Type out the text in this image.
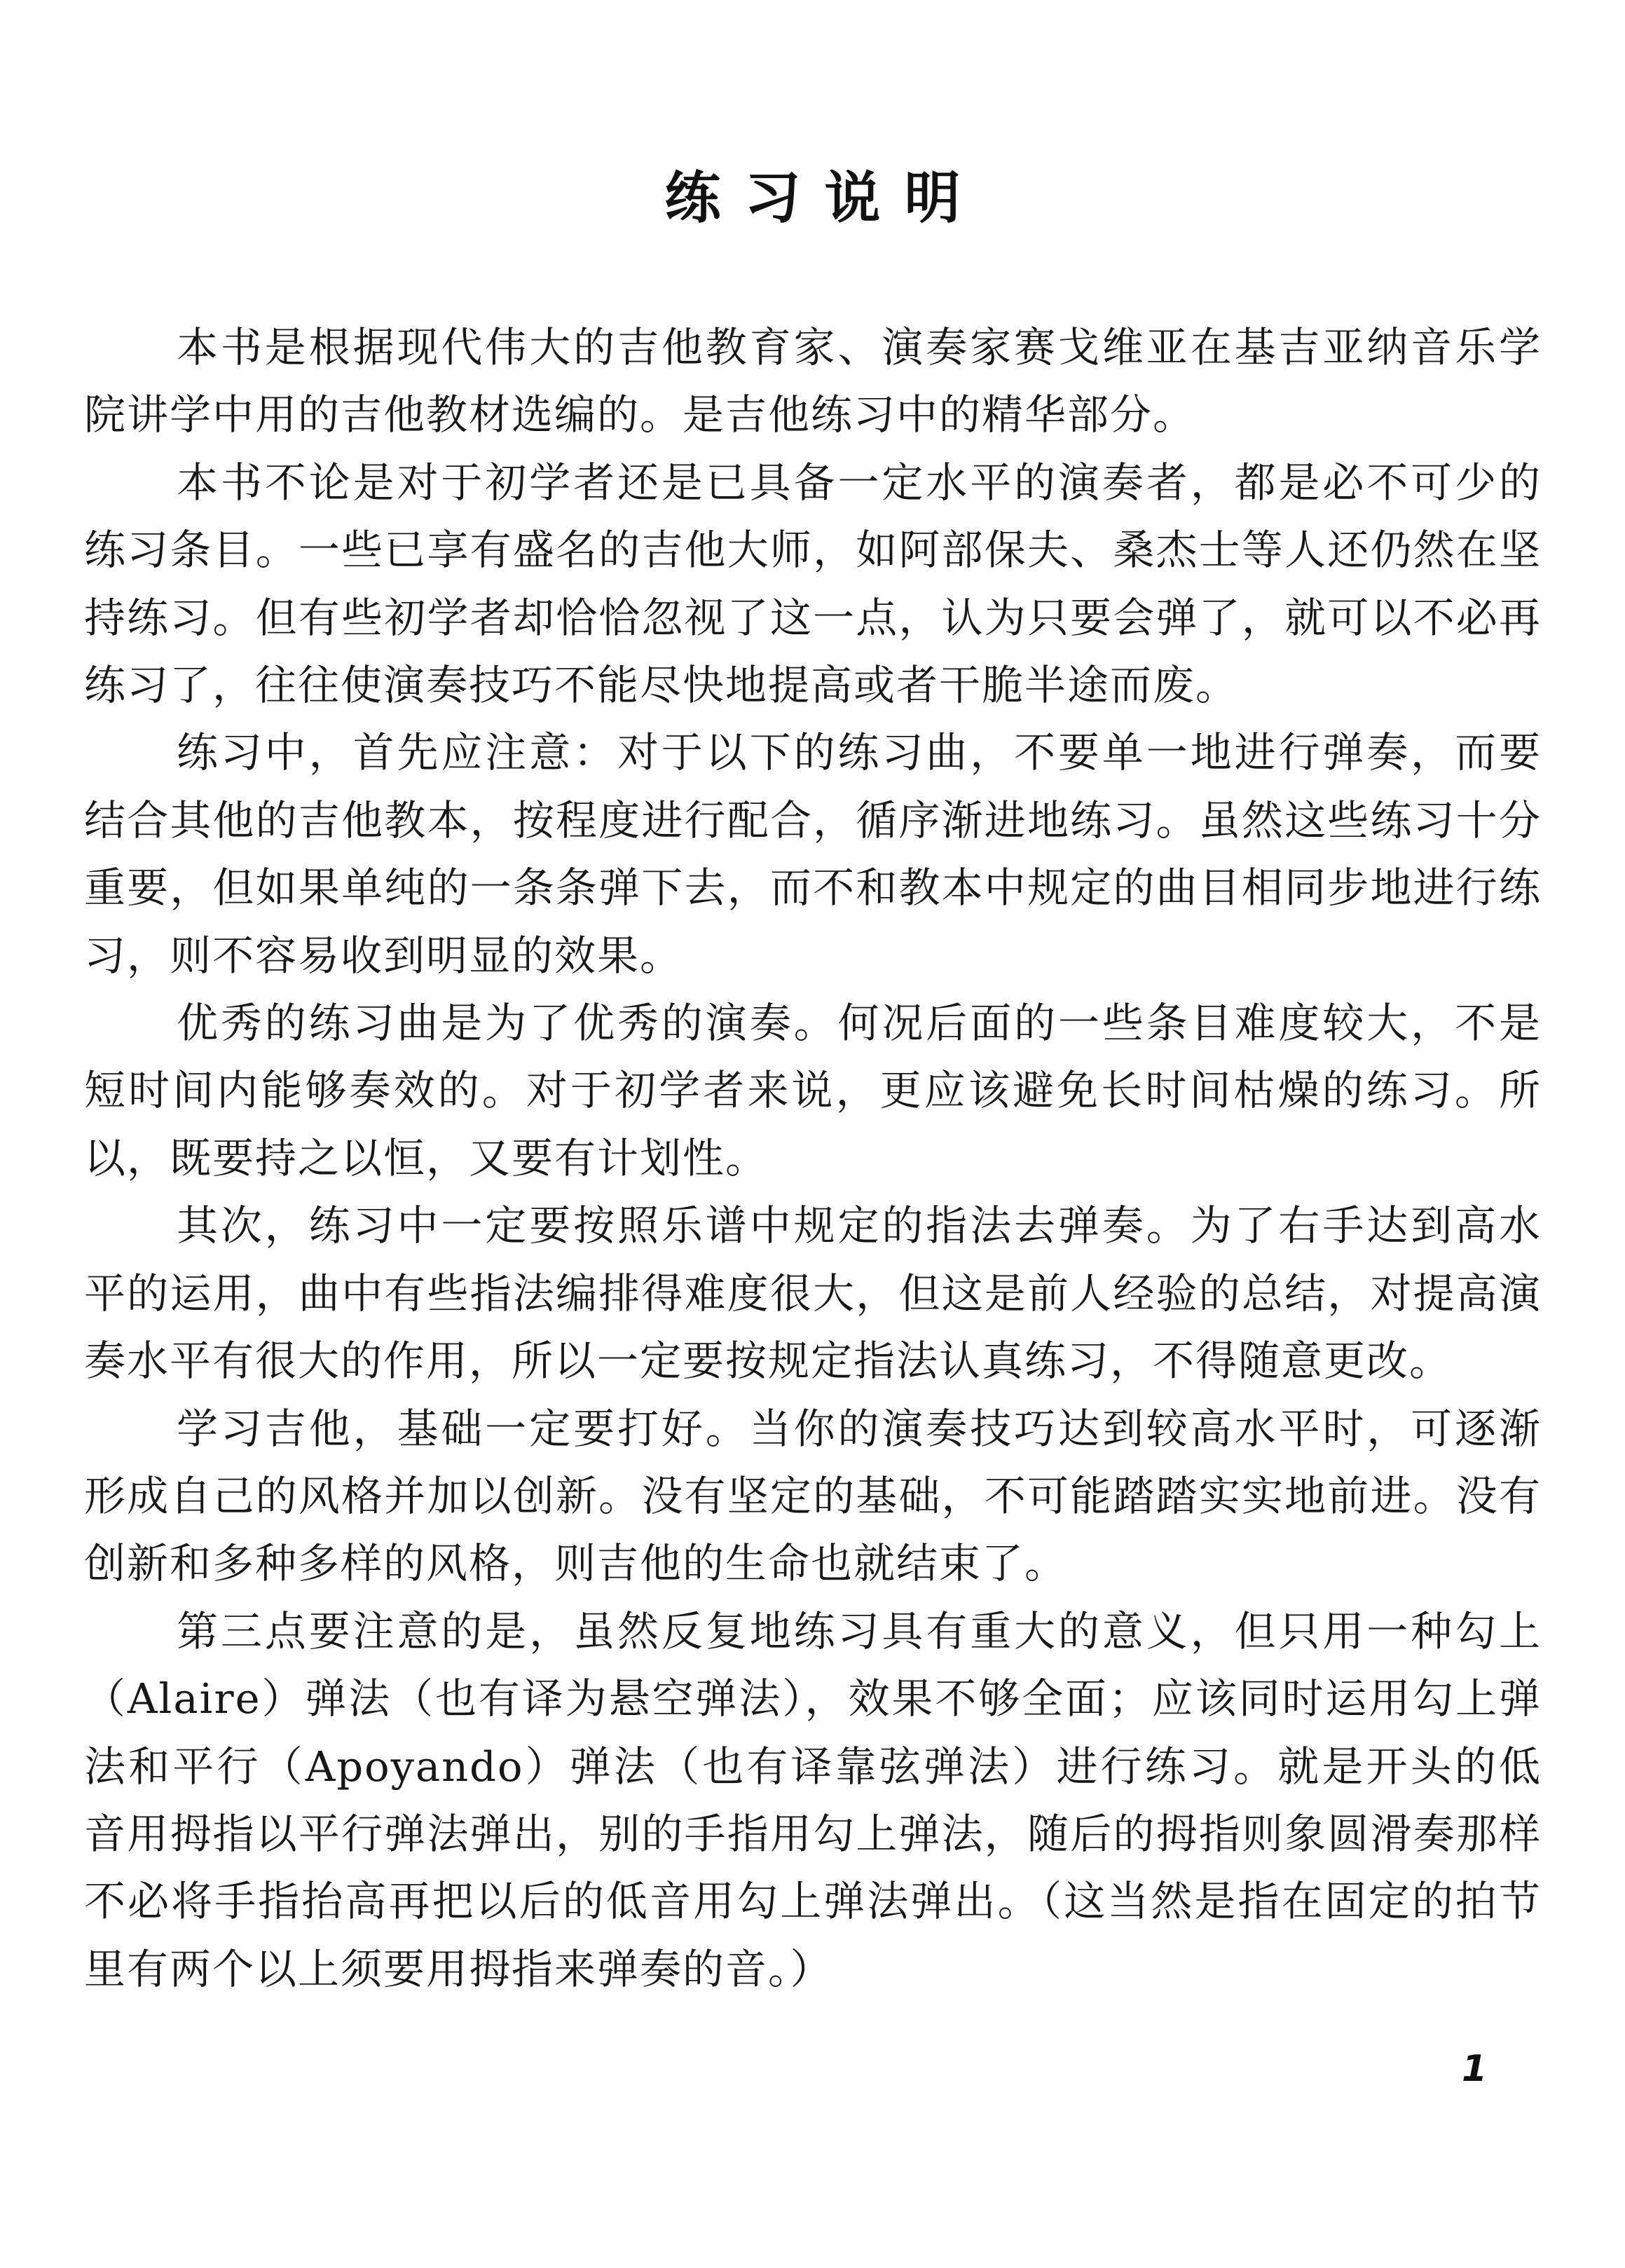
练习说明

本书是根据现代伟大的吉他教育家、演奏家赛戈维亚在基吉亚纳音乐学院讲学中用的吉他教材选编的。是吉他练习中的精华部分。

本书不论是对于初学者还是已具备一定水平的演奏者，都是必不可少的练习条目。一些已享有盛名的吉他大师，如阿部保夫、桑杰士等人还仍然在坚持练习。但有些初学者却恰恰忽视了这一点，认为只要会弹了，就可以不必再练习了，往往使演奏技巧不能尽快地提高或者干脆半途而废。

练习中，首先应注意：对于以下的练习曲，不要单一地进行弹奏，而要结合其他的吉他教本，按程度进行配合，循序渐进地练习。虽然这些练习十分重要，但如果单纯的一条条弹下去，而不和教本中规定的曲目相同步地进行练习，则不容易收到明显的效果。

优秀的练习曲是为了优秀的演奏。何况后面的一些条目难度较大，不是短时间内能够奏效的。对于初学者来说，更应该避免长时间枯燥的练习。所以，既要持之以恒，又要有计划性。

其次，练习中一定要按照乐谱中规定的指法去弹奏。为了右手达到高水平的运用，曲中有些指法编排得难度很大，但这是前人经验的总结，对提高演奏水平有很大的作用，所以一定要按规定指法认真练习，不得随意更改。

学习吉他，基础一定要打好。当你的演奏技巧达到较高水平时，可逐渐形成自己的风格并加以创新。没有坚定的基础，不可能踏踏实实地前进。没有创新和多种多样的风格，则吉他的生命也就结束了。

第三点要注意的是，虽然反复地练习具有重大的意义，但只用一种勾上（Alaire）弹法（也有译为悬空弹法），效果不够全面；应该同时运用勾上弹法和平行（Apoyando）弹法（也有译靠弦弹法）进行练习。就是开头的低音用拇指以平行弹法弹出，别的手指用勾上弹法，随后的拇指则象圆滑奏那样不必将手指抬高再把以后的低音用勾上弹法弹出。（这当然是指在固定的拍节里有两个以上须要用拇指来弹奏的音。）

1
